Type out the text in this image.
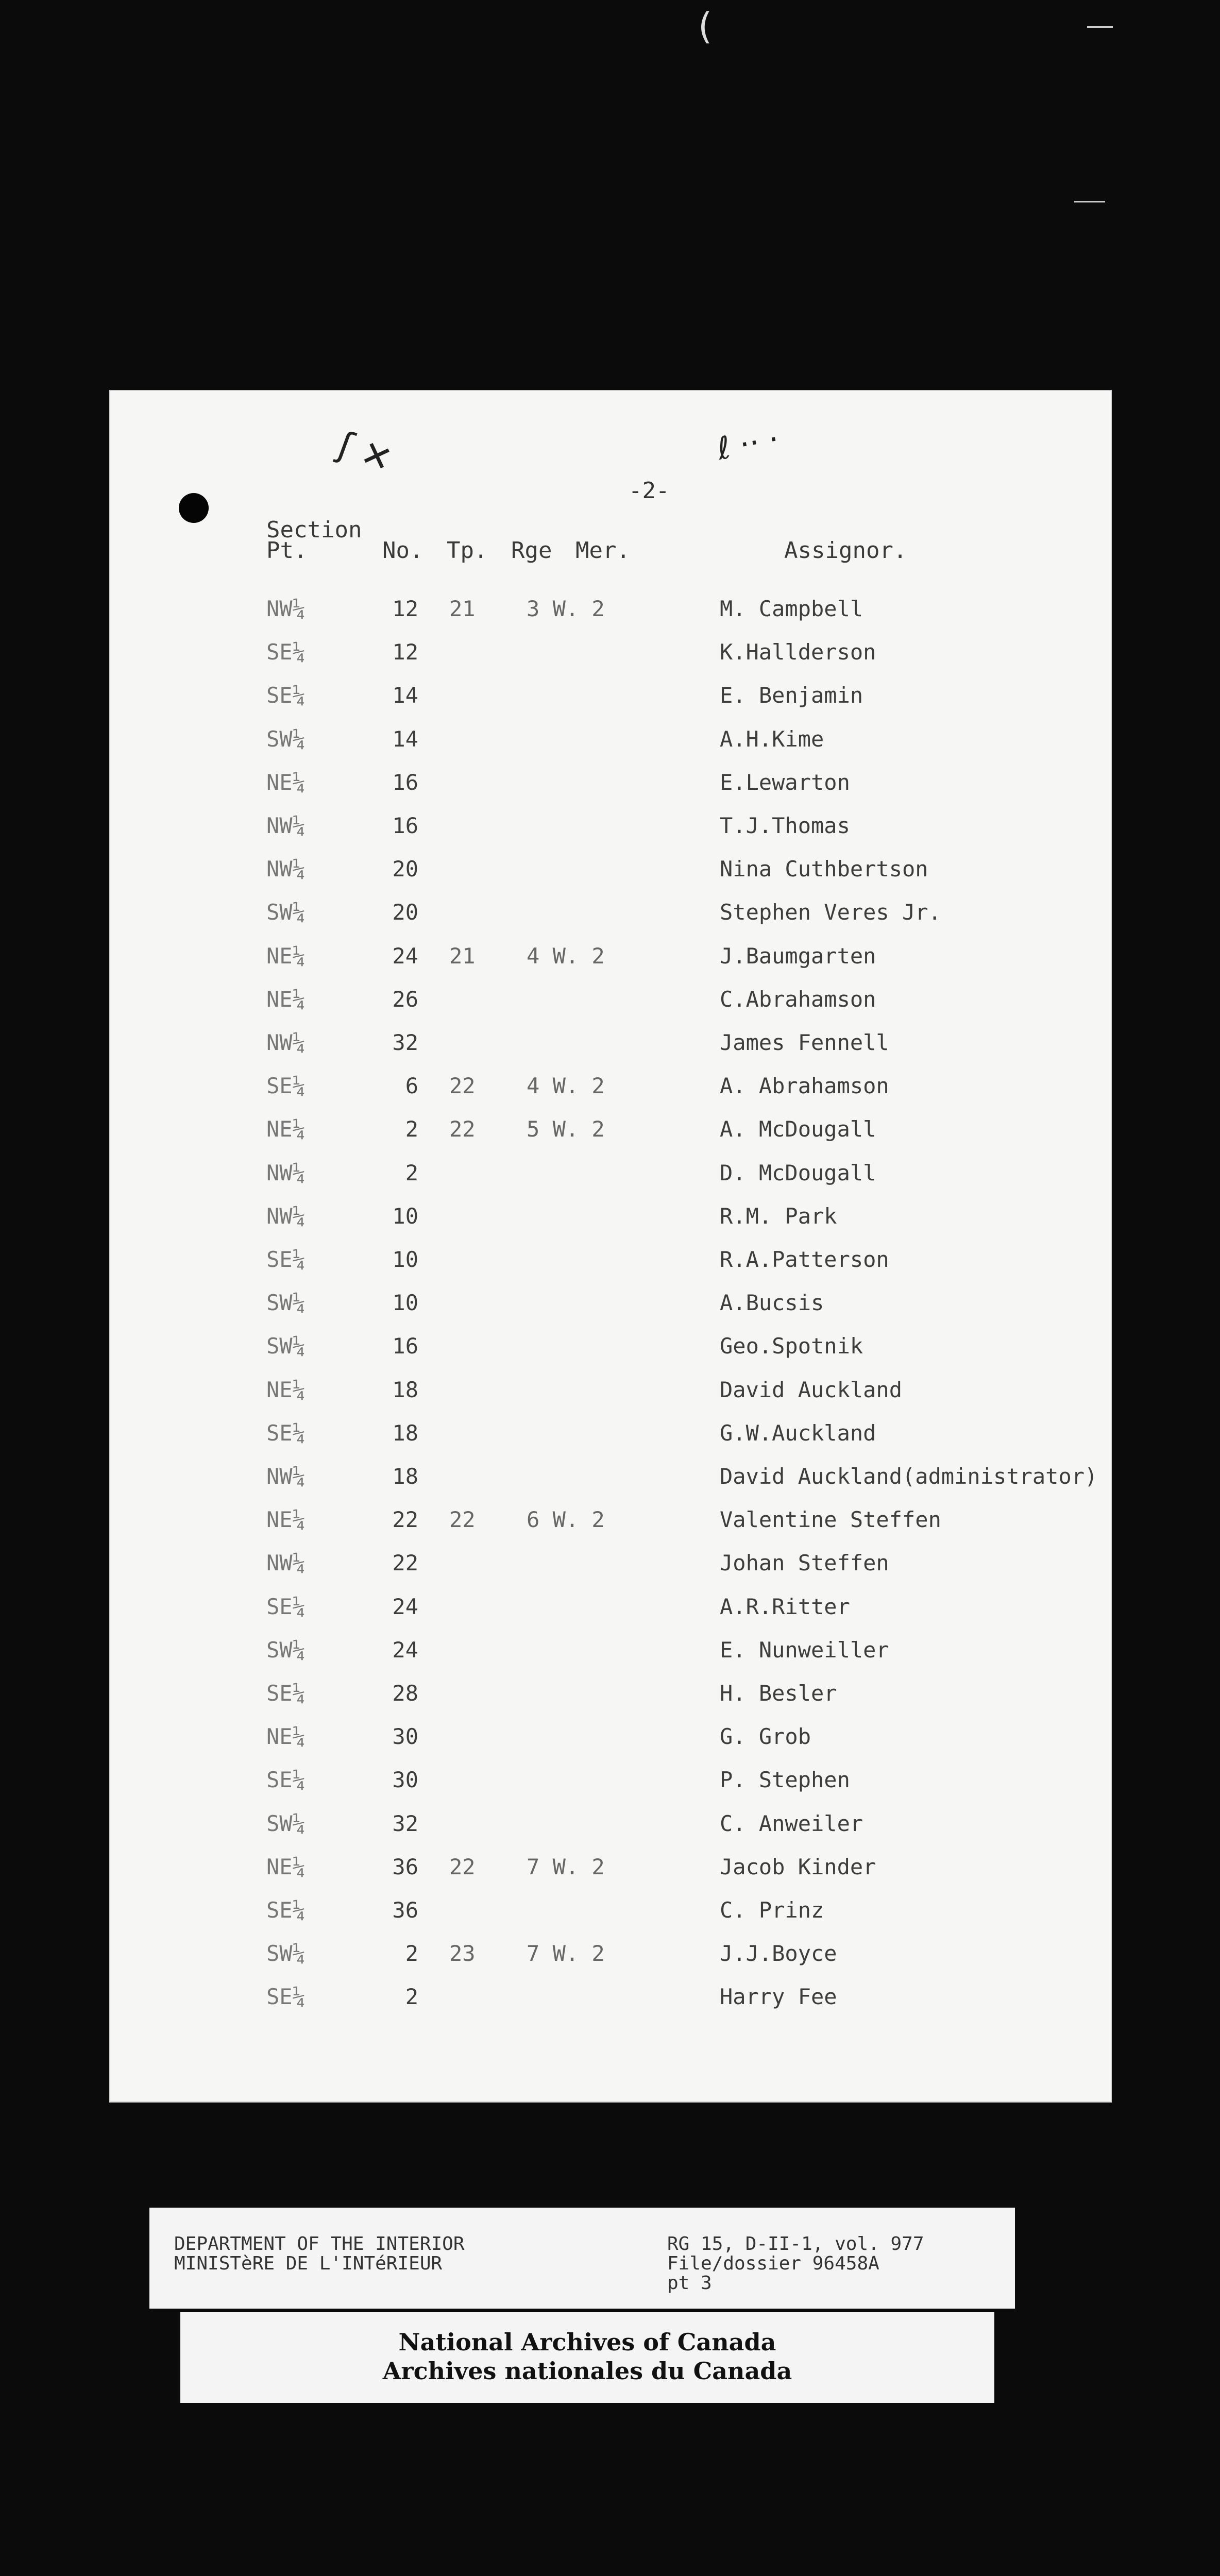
(
ʃ ✕	ℓ ·· ·
-2-
Section
Pt.	No. Tp. Rge Mer.	Assignor.
NW¼	12 21 3 W. 2	M. Campbell
SE¼	12	K.Hallderson
SE¼	14	E. Benjamin
SW¼	14	A.H.Kime
NE¼	16	E.Lewarton
NW¼	16	T.J.Thomas
NW¼	20	Nina Cuthbertson
SW¼	20	Stephen Veres Jr.
NE¼	24 21 4 W. 2	J.Baumgarten
NE¼	26	C.Abrahamson
NW¼	32	James Fennell
SE¼	6 22 4 W. 2	A. Abrahamson
NE¼	2 22 5 W. 2	A. McDougall
NW¼	2	D. McDougall
NW¼	10	R.M. Park
SE¼	10	R.A.Patterson
SW¼	10	A.Bucsis
SW¼	16	Geo.Spotnik
NE¼	18	David Auckland
SE¼	18	G.W.Auckland
NW¼	18	David Auckland(administrator)
NE¼	22 22 6 W. 2	Valentine Steffen
NW¼	22	Johan Steffen
SE¼	24	A.R.Ritter
SW¼	24	E. Nunweiller
SE¼	28	H. Besler
NE¼	30	G. Grob
SE¼	30	P. Stephen
SW¼	32	C. Anweiler
NE¼	36 22 7 W. 2	Jacob Kinder
SE¼	36	C. Prinz
SW¼	2 23 7 W. 2	J.J.Boyce
SE¼	2	Harry Fee
DEPARTMENT OF THE INTERIOR
MINISTèRE DE L'INTéRIEUR
RG 15, D-II-1, vol. 977
File/dossier 96458A
pt 3
National Archives of Canada
Archives nationales du Canada
